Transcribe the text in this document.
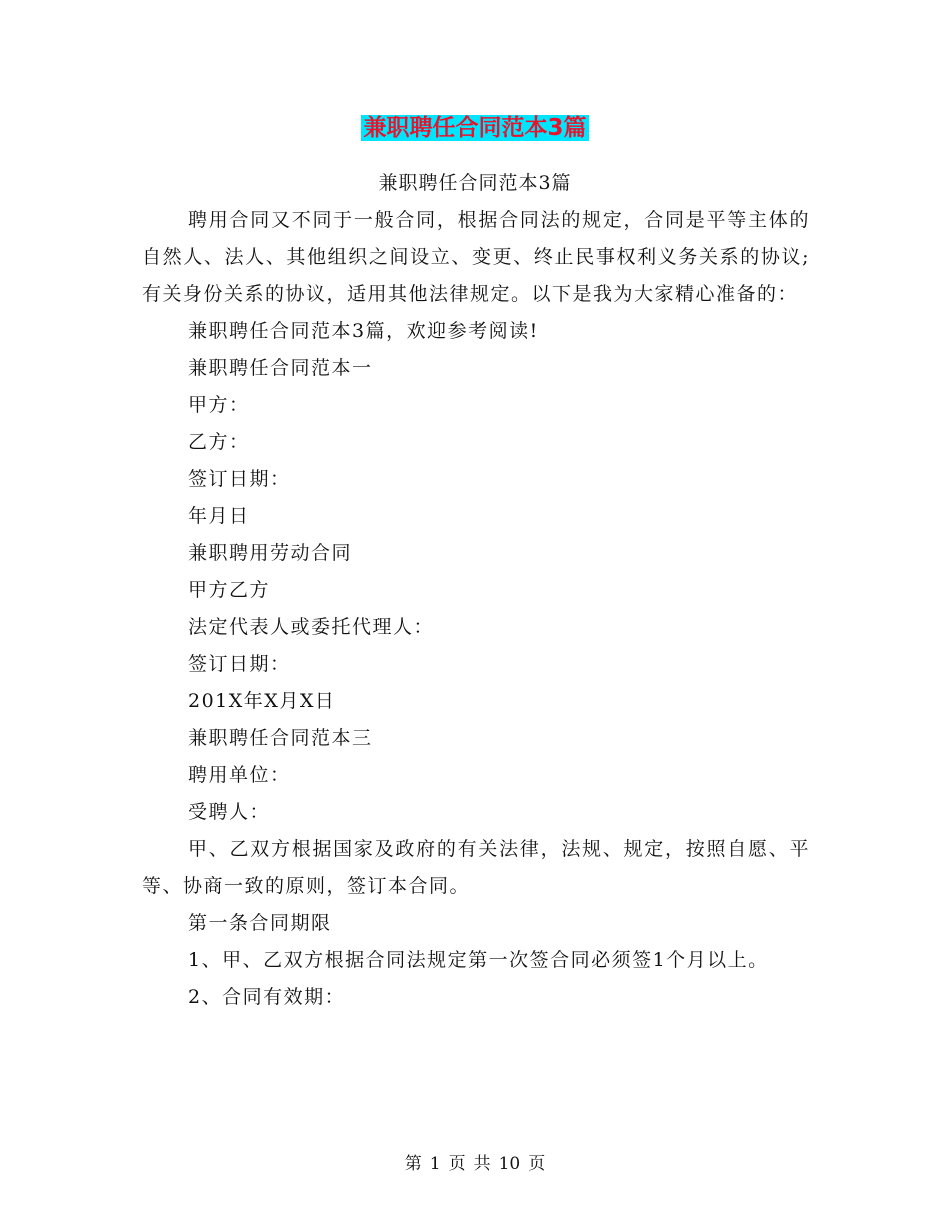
兼职聘任合同范本3篇
兼职聘任合同范本3篇

聘用合同又不同于一般合同，根据合同法的规定，合同是平等主体的自然人、法人、其他组织之间设立、变更、终止民事权利义务关系的协议;有关身份关系的协议，适用其他法律规定。以下是我为大家精心准备的：

兼职聘任合同范本3篇，欢迎参考阅读!

兼职聘任合同范本一

甲方：

乙方：

签订日期：

年月日

兼职聘用劳动合同

甲方乙方

法定代表人或委托代理人：

签订日期：

201X年X月X日

兼职聘任合同范本三

聘用单位：

受聘人：

甲、乙双方根据国家及政府的有关法律，法规、规定，按照自愿、平等、协商一致的原则，签订本合同。

第一条合同期限

1、甲、乙双方根据合同法规定第一次签合同必须签1个月以上。

2、合同有效期：

第 1 页 共 10 页
